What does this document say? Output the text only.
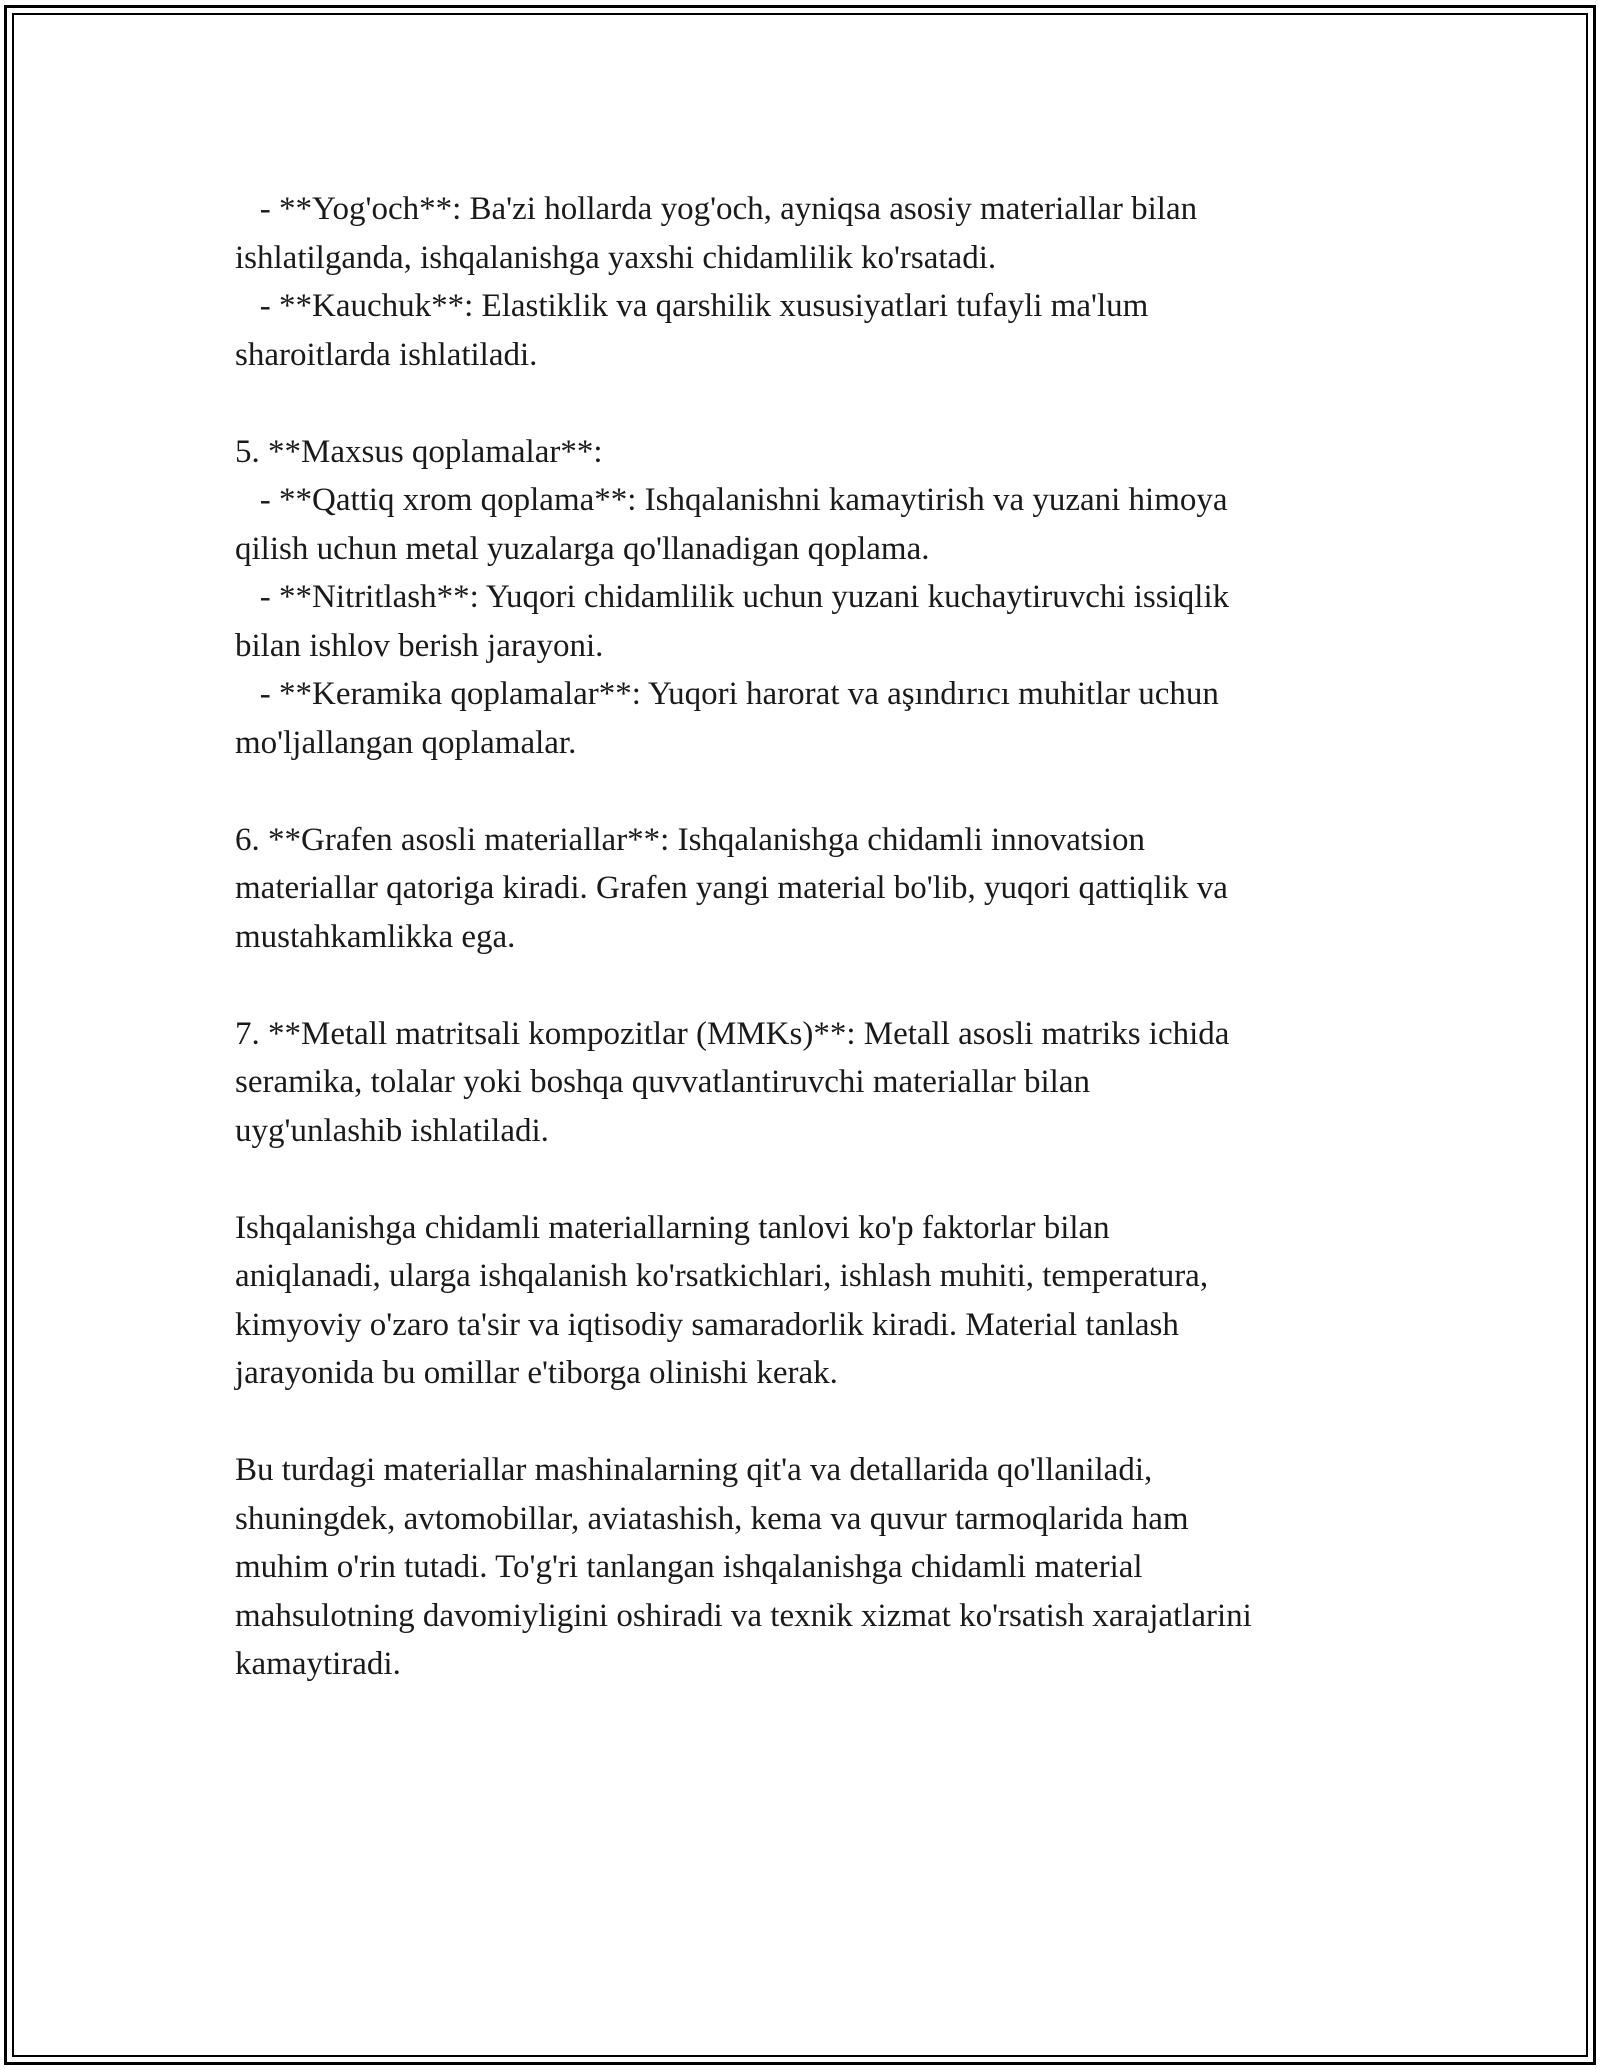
- **Yog'och**: Ba'zi hollarda yog'och, ayniqsa asosiy materiallar bilan
ishlatilganda, ishqalanishga yaxshi chidamlilik ko'rsatadi.
- **Kauchuk**: Elastiklik va qarshilik xususiyatlari tufayli ma'lum
sharoitlarda ishlatiladi.
5. **Maxsus qoplamalar**:
- **Qattiq xrom qoplama**: Ishqalanishni kamaytirish va yuzani himoya
qilish uchun metal yuzalarga qo'llanadigan qoplama.
- **Nitritlash**: Yuqori chidamlilik uchun yuzani kuchaytiruvchi issiqlik
bilan ishlov berish jarayoni.
- **Keramika qoplamalar**: Yuqori harorat va aşındırıcı muhitlar uchun
mo'ljallangan qoplamalar.
6. **Grafen asosli materiallar**: Ishqalanishga chidamli innovatsion
materiallar qatoriga kiradi. Grafen yangi material bo'lib, yuqori qattiqlik va
mustahkamlikka ega.
7. **Metall matritsali kompozitlar (MMKs)**: Metall asosli matriks ichida
seramika, tolalar yoki boshqa quvvatlantiruvchi materiallar bilan
uyg'unlashib ishlatiladi.
Ishqalanishga chidamli materiallarning tanlovi ko'p faktorlar bilan
aniqlanadi, ularga ishqalanish ko'rsatkichlari, ishlash muhiti, temperatura,
kimyoviy o'zaro ta'sir va iqtisodiy samaradorlik kiradi. Material tanlash
jarayonida bu omillar e'tiborga olinishi kerak.
Bu turdagi materiallar mashinalarning qit'a va detallarida qo'llaniladi,
shuningdek, avtomobillar, aviatashish, kema va quvur tarmoqlarida ham
muhim o'rin tutadi. To'g'ri tanlangan ishqalanishga chidamli material
mahsulotning davomiyligini oshiradi va texnik xizmat ko'rsatish xarajatlarini
kamaytiradi.
